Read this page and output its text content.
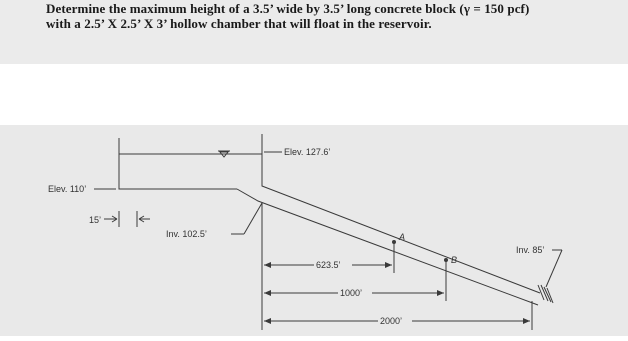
Determine the maximum height of a 3.5’ wide by 3.5’ long concrete block (γ = 150 pcf)
with a 2.5’ X 2.5’ X 3’ hollow chamber that will float in the reservoir.
Elev. 110’
Elev. 127.6’
15’
Inv. 102.5’
Inv. 85’
A
B
623.5’
1000’
2000’
